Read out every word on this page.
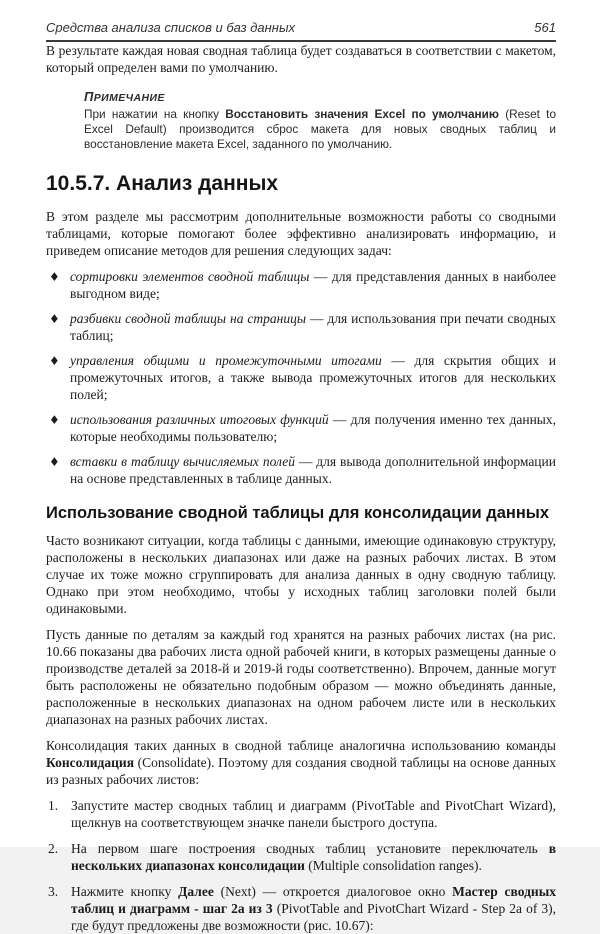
Средства анализа списков и баз данных	561

В результате каждая новая сводная таблица будет создаваться в соответствии с макетом, который определен вами по умолчанию.

ПРИМЕЧАНИЕ
При нажатии на кнопку Восстановить значения Excel по умолчанию (Reset to Excel Default) производится сброс макета для новых сводных таблиц и восстановление макета Excel, заданного по умолчанию.
10.5.7. Анализ данных

В этом разделе мы рассмотрим дополнительные возможности работы со сводными таблицами, которые помогают более эффективно анализировать информацию, и приведем описание методов для решения следующих задач:

♦ сортировки элементов сводной таблицы — для представления данных в наиболее выгодном виде;
♦ разбивки сводной таблицы на страницы — для использования при печати сводных таблиц;
♦ управления общими и промежуточными итогами — для скрытия общих и промежуточных итогов, а также вывода промежуточных итогов для нескольких полей;
♦ использования различных итоговых функций — для получения именно тех данных, которые необходимы пользователю;
♦ вставки в таблицу вычисляемых полей — для вывода дополнительной информации на основе представленных в таблице данных.
Использование сводной таблицы для консолидации данных

Часто возникают ситуации, когда таблицы с данными, имеющие одинаковую структуру, расположены в нескольких диапазонах или даже на разных рабочих листах. В этом случае их тоже можно сгруппировать для анализа данных в одну сводную таблицу. Однако при этом необходимо, чтобы у исходных таблиц заголовки полей были одинаковыми.

Пусть данные по деталям за каждый год хранятся на разных рабочих листах (на рис. 10.66 показаны два рабочих листа одной рабочей книги, в которых размещены данные о производстве деталей за 2018-й и 2019-й годы соответственно). Впрочем, данные могут быть расположены не обязательно подобным образом — можно объединять данные, расположенные в нескольких диапазонах на одном рабочем листе или в нескольких диапазонах на разных рабочих листах.

Консолидация таких данных в сводной таблице аналогична использованию команды Консолидация (Consolidate). Поэтому для создания сводной таблицы на основе данных из разных рабочих листов:

1. Запустите мастер сводных таблиц и диаграмм (PivotTable and PivotChart Wizard), щелкнув на соответствующем значке панели быстрого доступа.
2. На первом шаге построения сводных таблиц установите переключатель в нескольких диапазонах консолидации (Multiple consolidation ranges).
3. Нажмите кнопку Далее (Next) — откроется диалоговое окно Мастер сводных таблиц и диаграмм - шаг 2а из 3 (PivotTable and PivotChart Wizard - Step 2a of 3), где будут предложены две возможности (рис. 10.67):
